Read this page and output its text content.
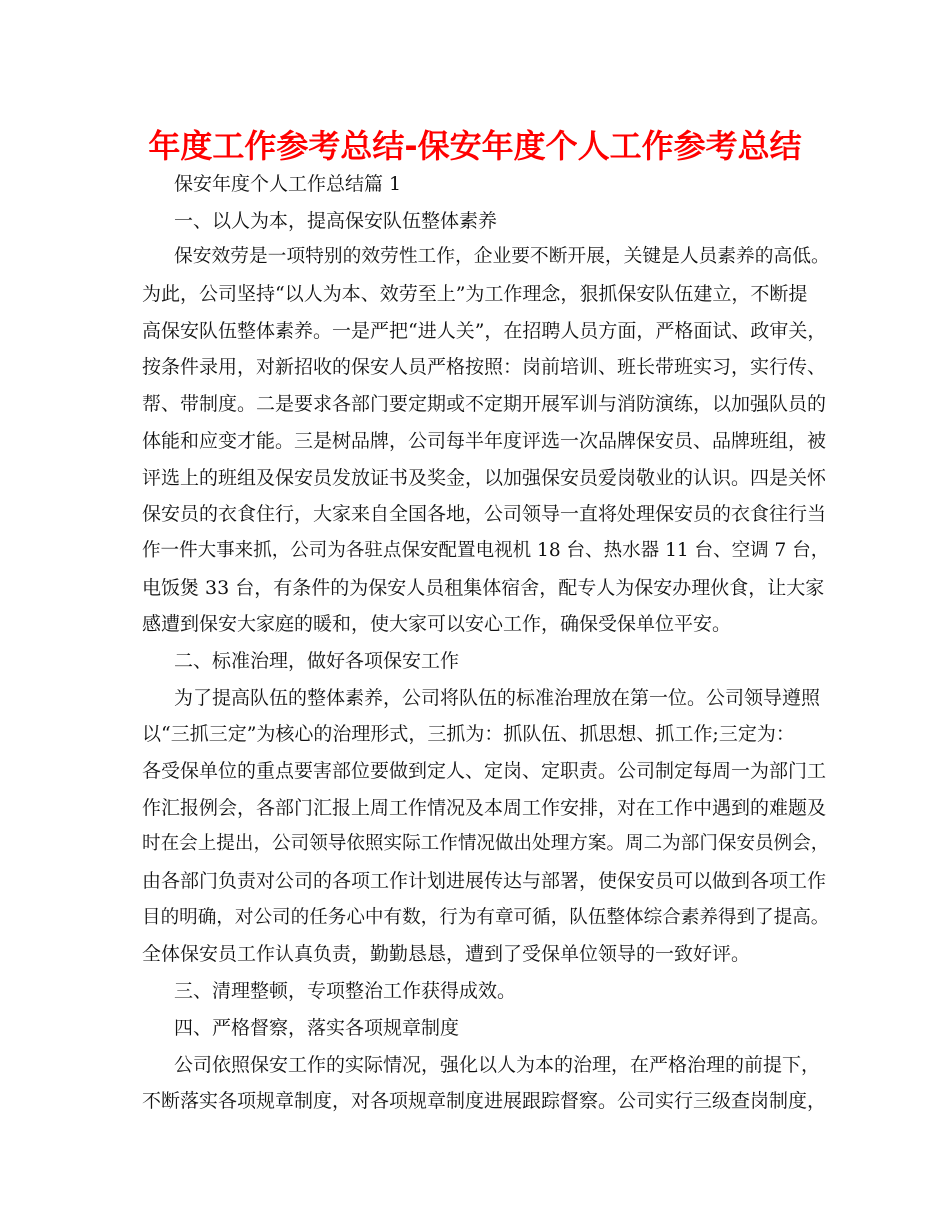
年度工作参考总结-保安年度个人工作参考总结
保安年度个人工作总结篇 1
一、以人为本，提高保安队伍整体素养
保安效劳是一项特别的效劳性工作，企业要不断开展，关键是人员素养的高低。
为此，公司坚持“以人为本、效劳至上”为工作理念，狠抓保安队伍建立，不断提
高保安队伍整体素养。一是严把“进人关”，在招聘人员方面，严格面试、政审关，
按条件录用，对新招收的保安人员严格按照：岗前培训、班长带班实习，实行传、
帮、带制度。二是要求各部门要定期或不定期开展军训与消防演练，以加强队员的
体能和应变才能。三是树品牌，公司每半年度评选一次品牌保安员、品牌班组，被
评选上的班组及保安员发放证书及奖金，以加强保安员爱岗敬业的认识。四是关怀
保安员的衣食住行，大家来自全国各地，公司领导一直将处理保安员的衣食往行当
作一件大事来抓，公司为各驻点保安配置电视机 18 台、热水器 11 台、空调 7 台，
电饭煲 33 台，有条件的为保安人员租集体宿舍，配专人为保安办理伙食，让大家
感遭到保安大家庭的暖和，使大家可以安心工作，确保受保单位平安。
二、标准治理，做好各项保安工作
为了提高队伍的整体素养，公司将队伍的标准治理放在第一位。公司领导遵照
以“三抓三定”为核心的治理形式，三抓为：抓队伍、抓思想、抓工作;三定为：
各受保单位的重点要害部位要做到定人、定岗、定职责。公司制定每周一为部门工
作汇报例会，各部门汇报上周工作情况及本周工作安排，对在工作中遇到的难题及
时在会上提出，公司领导依照实际工作情况做出处理方案。周二为部门保安员例会，
由各部门负责对公司的各项工作计划进展传达与部署，使保安员可以做到各项工作
目的明确，对公司的任务心中有数，行为有章可循，队伍整体综合素养得到了提高。
全体保安员工作认真负责，勤勤恳恳，遭到了受保单位领导的一致好评。
三、清理整顿，专项整治工作获得成效。
四、严格督察，落实各项规章制度
公司依照保安工作的实际情况，强化以人为本的治理，在严格治理的前提下，
不断落实各项规章制度，对各项规章制度进展跟踪督察。公司实行三级查岗制度，
